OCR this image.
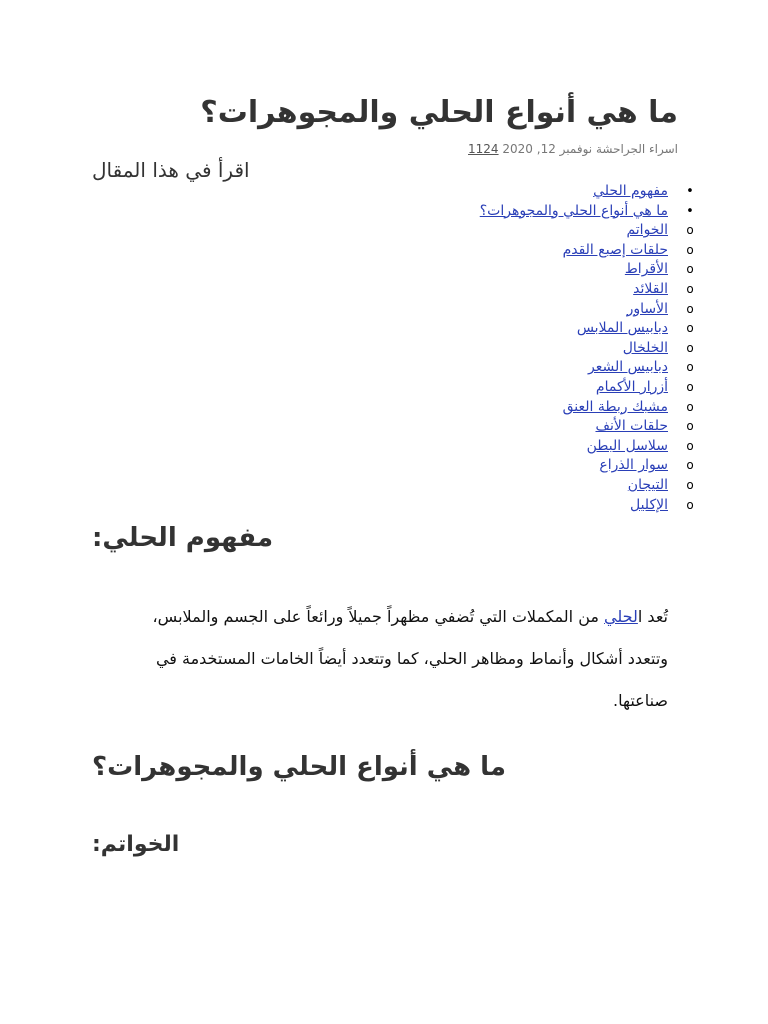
ما هي أنواع الحلي والمجوهرات؟
اسراء الجراحشة نوفمبر 12, 2020 1124
اقرأ في هذا المقال
•
مفهوم الحلي
•
ما هي أنواع الحلي والمجوهرات؟
o
الخواتم
o
حلقات إصبع القدم
o
الأقراط
o
القلائد
o
الأساور
o
دبابيس الملابس
o
الخلخال
o
دبابيس الشعر
o
أزرار الأكمام
o
مشبك ربطة العنق
o
حلقات الأنف
o
سلاسل البطن
o
سوار الذراع
o
التيجان
o
الإكليل
مفهوم الحلي:

تُعد الحلي من المكملات التي تُضفي مظهراً جميلاً ورائعاً على الجسم والملابس،
وتتعدد أشكال وأنماط ومظاهر الحلي، كما وتتعدد أيضاً الخامات المستخدمة في
صناعتها.

ما هي أنواع الحلي والمجوهرات؟
الخواتم:
